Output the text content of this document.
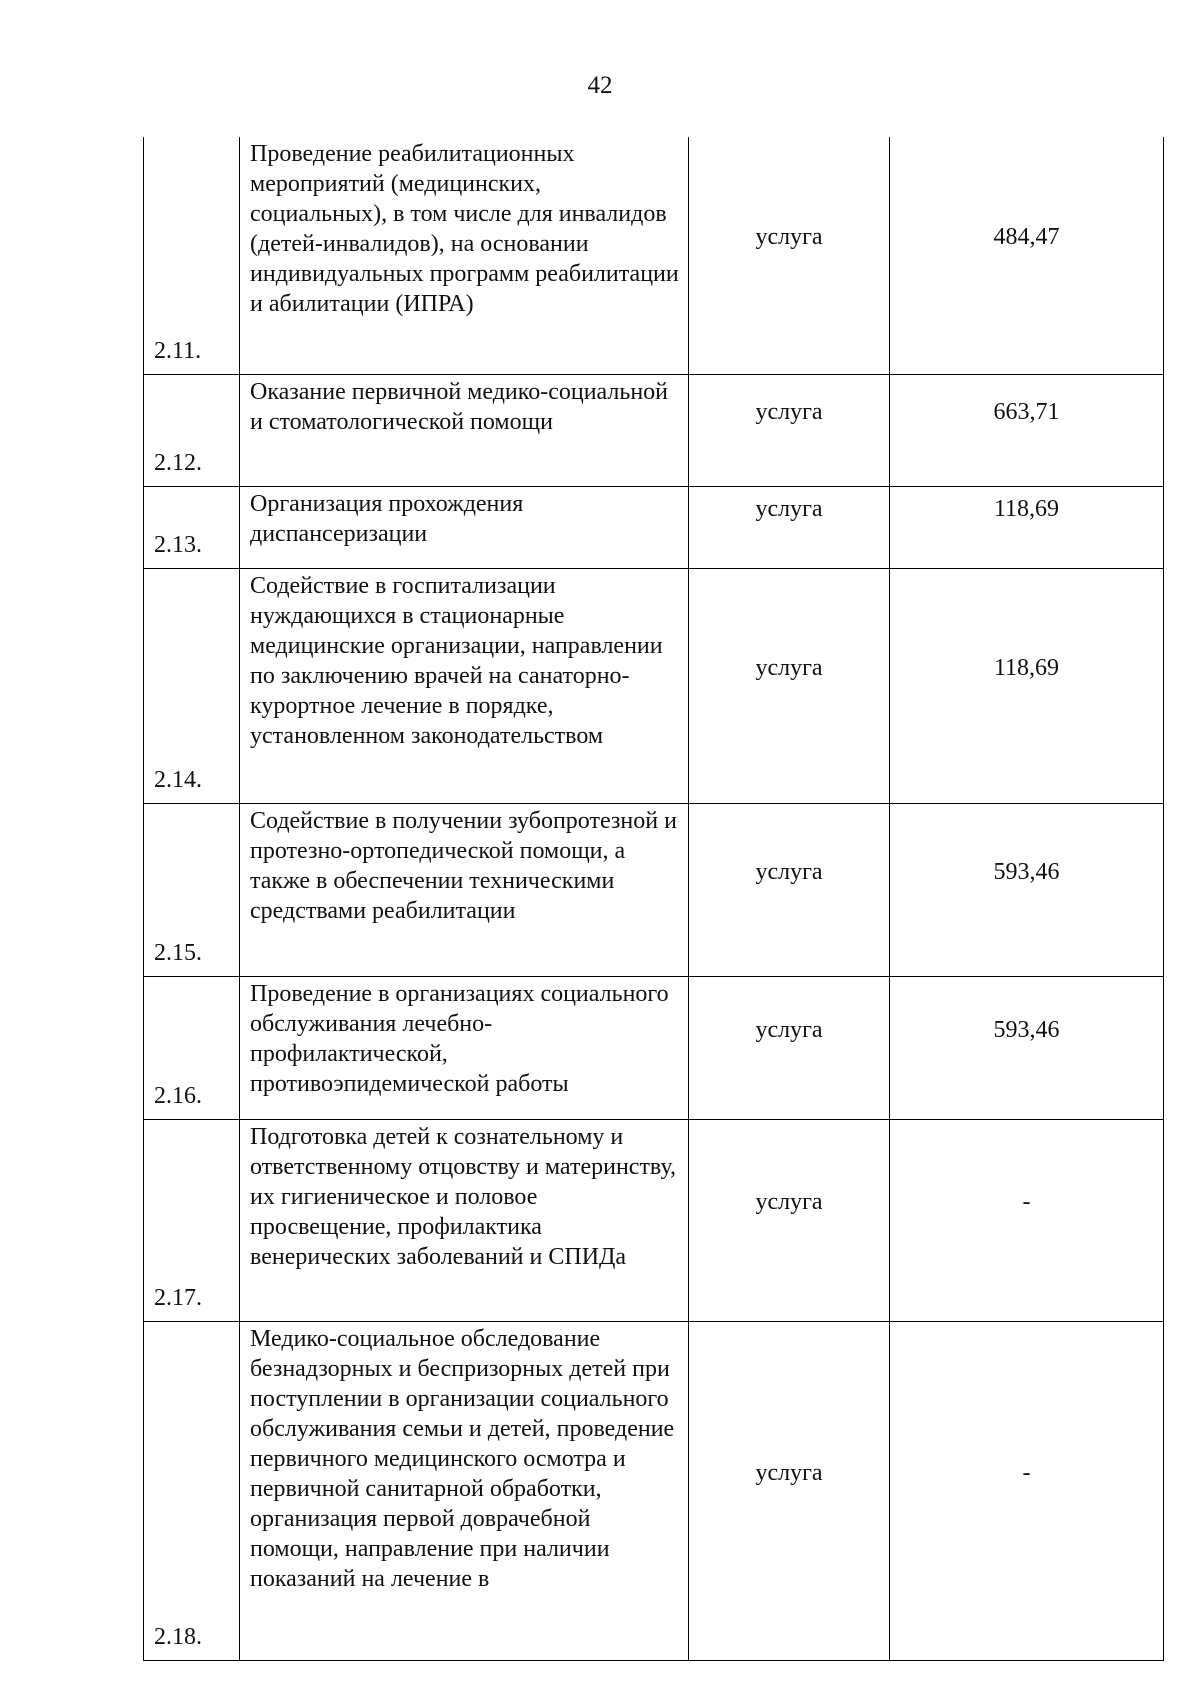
42
2.11.	Проведение реабилитационных мероприятий (медицинских, социальных), в том числе для инвалидов (детей-инвалидов), на основании индивидуальных программ реабилитации и абилитации (ИПРА)	услуга	484,47

2.12.	Оказание первичной медико-социальной и стоматологической помощи	услуга	663,71

2.13.	Организация прохождения диспансеризации	услуга	118,69

2.14.	Содействие в госпитализации нуждающихся в стационарные медицинские организации, направлении по заключению врачей на санаторно-курортное лечение в порядке, установленном законодательством	услуга	118,69

2.15.	Содействие в получении зубопротезной и протезно-ортопедической помощи, а также в обеспечении техническими средствами реабилитации	услуга	593,46

2.16.	Проведение в организациях социального обслуживания лечебно-профилактической, противоэпидемической работы	услуга	593,46

2.17.	Подготовка детей к сознательному и ответственному отцовству и материнству, их гигиеническое и половое просвещение, профилактика венерических заболеваний и СПИДа	услуга	-

2.18.	Медико-социальное обследование безнадзорных и беспризорных детей при поступлении в организации социального обслуживания семьи и детей, проведение первичного медицинского осмотра и первичной санитарной обработки, организация первой доврачебной помощи, направление при наличии показаний на лечение в	услуга	-
